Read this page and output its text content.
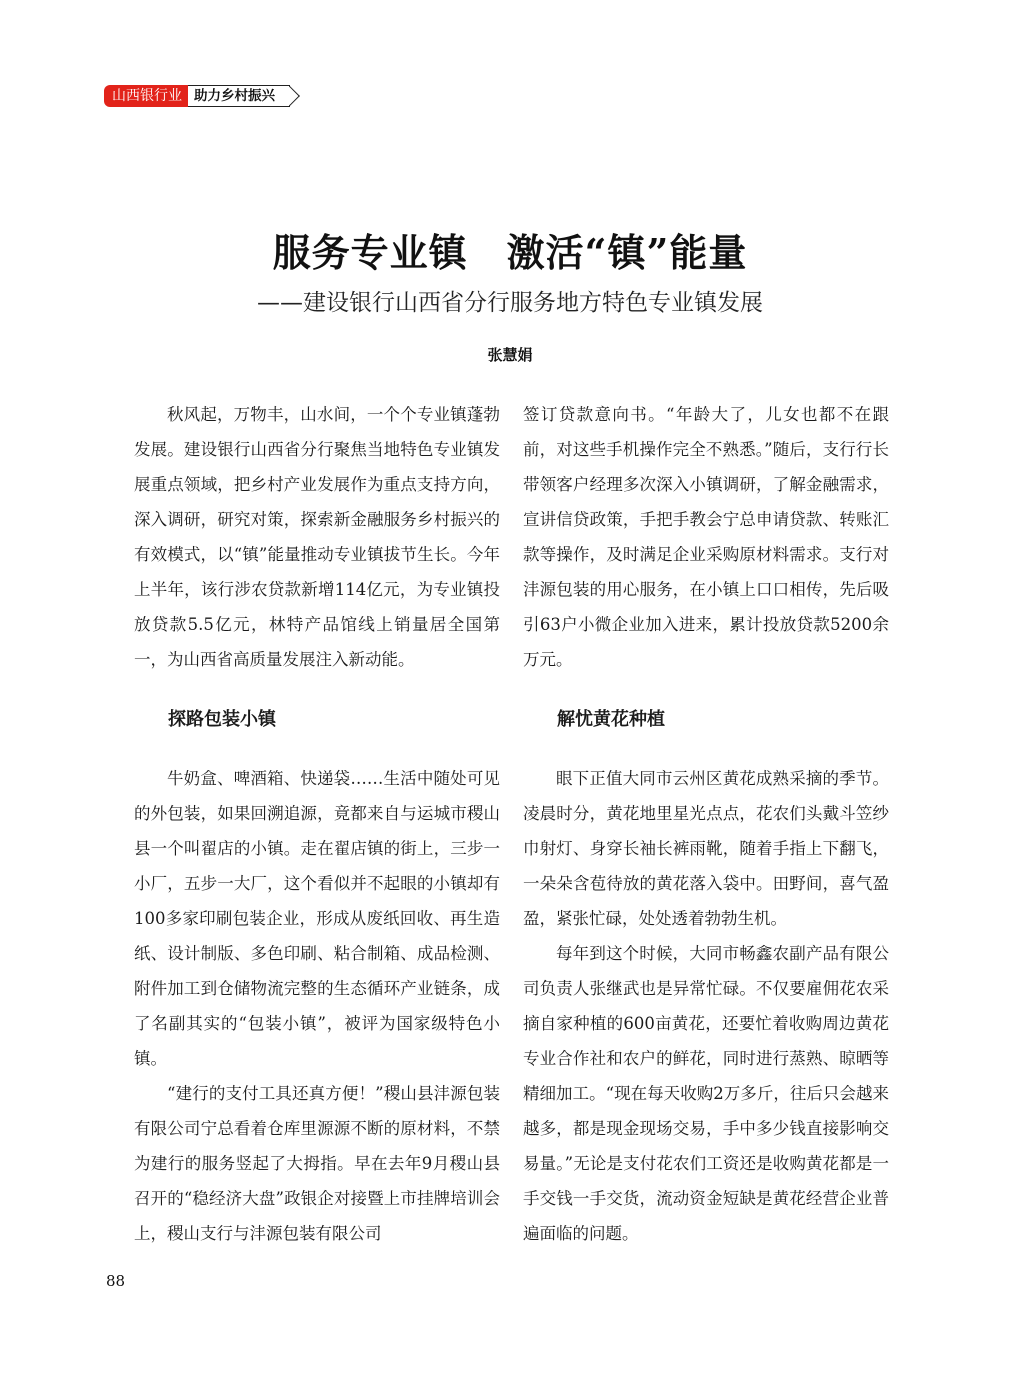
山西银行业 助力乡村振兴
服务专业镇　激活“镇”能量
——建设银行山西省分行服务地方特色专业镇发展
张慧娟

秋风起，万物丰，山水间，一个个专业镇蓬勃发展。建设银行山西省分行聚焦当地特色专业镇发展重点领域，把乡村产业发展作为重点支持方向，深入调研，研究对策，探索新金融服务乡村振兴的有效模式，以“镇”能量推动专业镇拔节生长。今年上半年，该行涉农贷款新增114亿元，为专业镇投放贷款5.5亿元，林特产品馆线上销量居全国第一，为山西省高质量发展注入新动能。

探路包装小镇

牛奶盒、啤酒箱、快递袋……生活中随处可见的外包装，如果回溯追源，竟都来自与运城市稷山县一个叫翟店的小镇。走在翟店镇的街上，三步一小厂，五步一大厂，这个看似并不起眼的小镇却有100多家印刷包装企业，形成从废纸回收、再生造纸、设计制版、多色印刷、粘合制箱、成品检测、附件加工到仓储物流完整的生态循环产业链条，成了名副其实的“包装小镇”，被评为国家级特色小镇。

“建行的支付工具还真方便！”稷山县沣源包装有限公司宁总看着仓库里源源不断的原材料，不禁为建行的服务竖起了大拇指。早在去年9月稷山县召开的“稳经济大盘”政银企对接暨上市挂牌培训会上，稷山支行与沣源包装有限公司

签订贷款意向书。“年龄大了，儿女也都不在跟前，对这些手机操作完全不熟悉。”随后，支行行长带领客户经理多次深入小镇调研，了解金融需求，宣讲信贷政策，手把手教会宁总申请贷款、转账汇款等操作，及时满足企业采购原材料需求。支行对沣源包装的用心服务，在小镇上口口相传，先后吸引63户小微企业加入进来，累计投放贷款5200余万元。

解忧黄花种植

眼下正值大同市云州区黄花成熟采摘的季节。凌晨时分，黄花地里星光点点，花农们头戴斗笠纱巾射灯、身穿长袖长裤雨靴，随着手指上下翻飞，一朵朵含苞待放的黄花落入袋中。田野间，喜气盈盈，紧张忙碌，处处透着勃勃生机。

每年到这个时候，大同市畅鑫农副产品有限公司负责人张继武也是异常忙碌。不仅要雇佣花农采摘自家种植的600亩黄花，还要忙着收购周边黄花专业合作社和农户的鲜花，同时进行蒸熟、晾晒等精细加工。“现在每天收购2万多斤，往后只会越来越多，都是现金现场交易，手中多少钱直接影响交易量。”无论是支付花农们工资还是收购黄花都是一手交钱一手交货，流动资金短缺是黄花经营企业普遍面临的问题。

88
